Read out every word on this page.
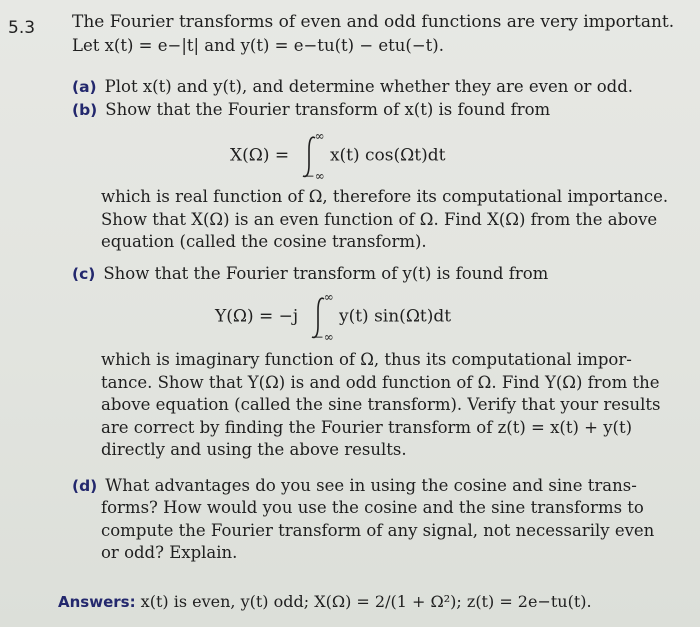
5.3 The Fourier transforms of even and odd functions are very important.
Let x(t) = e−|t| and y(t) = e−tu(t) − etu(−t).
(a) Plot x(t) and y(t), and determine whether they are even or odd.
(b) Show that the Fourier transform of x(t) is found from
X(Ω) =
∞
−∞
x(t) cos(Ωt)dt
which is real function of Ω, therefore its computational importance.
Show that X(Ω) is an even function of Ω. Find X(Ω) from the above
equation (called the cosine transform).
(c) Show that the Fourier transform of y(t) is found from
Y(Ω) = −j
∞
−∞
y(t) sin(Ωt)dt
which is imaginary function of Ω, thus its computational impor-
tance. Show that Y(Ω) is and odd function of Ω. Find Y(Ω) from the
above equation (called the sine transform). Verify that your results
are correct by finding the Fourier transform of z(t) = x(t) + y(t)
directly and using the above results.
(d) What advantages do you see in using the cosine and sine trans-
forms? How would you use the cosine and the sine transforms to
compute the Fourier transform of any signal, not necessarily even
or odd? Explain.
Answers: x(t) is even, y(t) odd; X(Ω) = 2/(1 + Ω²); z(t) = 2e−tu(t).
